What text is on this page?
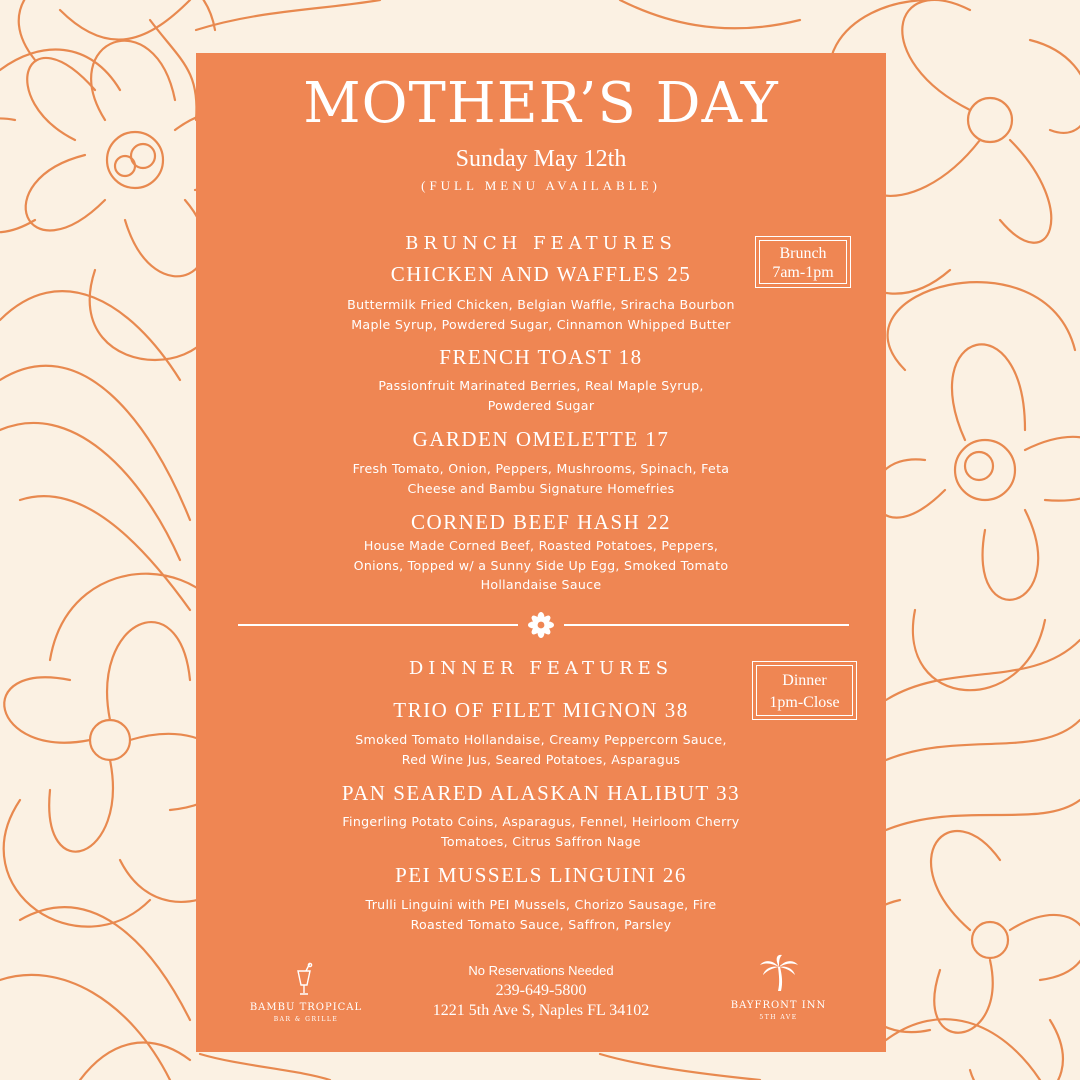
MOTHER’S DAY
Sunday May 12th
(FULL MENU AVAILABLE)
BRUNCH FEATURES	Brunch
7am-1pm
CHICKEN AND WAFFLES 25
Buttermilk Fried Chicken, Belgian Waffle, Sriracha Bourbon
Maple Syrup, Powdered Sugar, Cinnamon Whipped Butter
FRENCH TOAST 18
Passionfruit Marinated Berries, Real Maple Syrup,
Powdered Sugar
GARDEN OMELETTE 17
Fresh Tomato, Onion, Peppers, Mushrooms, Spinach, Feta
Cheese and Bambu Signature Homefries
CORNED BEEF HASH 22
House Made Corned Beef, Roasted Potatoes, Peppers,
Onions, Topped w/ a Sunny Side Up Egg, Smoked Tomato
Hollandaise Sauce
DINNER FEATURES
Dinner
1pm-Close
TRIO OF FILET MIGNON 38
Smoked Tomato Hollandaise, Creamy Peppercorn Sauce,
Red Wine Jus, Seared Potatoes, Asparagus
PAN SEARED ALASKAN HALIBUT 33
Fingerling Potato Coins, Asparagus, Fennel, Heirloom Cherry
Tomatoes, Citrus Saffron Nage
PEI MUSSELS LINGUINI 26
Trulli Linguini with PEI Mussels, Chorizo Sausage, Fire
Roasted Tomato Sauce, Saffron, Parsley
No Reservations Needed
239-649-5800
1221 5th Ave S, Naples FL 34102
BAMBU TROPICAL
BAR & GRILLE
BAYFRONT INN
5TH AVE
